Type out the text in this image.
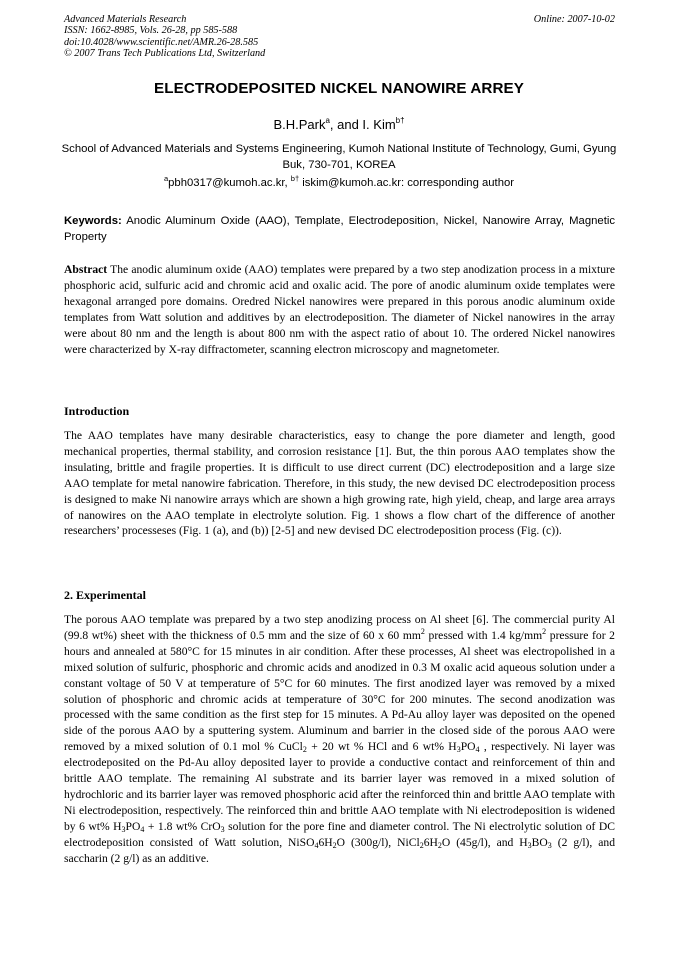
Advanced Materials Research
ISSN: 1662-8985, Vols. 26-28, pp 585-588
doi:10.4028/www.scientific.net/AMR.26-28.585
© 2007 Trans Tech Publications Ltd, Switzerland
Online: 2007-10-02
ELECTRODEPOSITED NICKEL NANOWIRE ARREY
B.H.Park$^a$, and I. Kim$^{b\dagger}$
School of Advanced Materials and Systems Engineering, Kumoh National Institute of Technology, Gumi, Gyung Buk, 730-701, KOREA
$^a$pbh0317@kumoh.ac.kr, $^{b\dagger}$ iskim@kumoh.ac.kr: corresponding author
Keywords: Anodic Aluminum Oxide (AAO), Template, Electrodeposition, Nickel, Nanowire Array, Magnetic Property
Abstract The anodic aluminum oxide (AAO) templates were prepared by a two step anodization process in a mixture phosphoric acid, sulfuric acid and chromic acid and oxalic acid. The pore of anodic aluminum oxide templates were hexagonal arranged pore domains. Oredred Nickel nanowires were prepared in this porous anodic aluminum oxide templates from Watt solution and additives by an electrodeposition. The diameter of Nickel nanowires in the array were about 80 nm and the length is about 800 nm with the aspect ratio of about 10. The ordered Nickel nanowires were characterized by X-ray diffractometer, scanning electron microscopy and magnetometer.
Introduction
The AAO templates have many desirable characteristics, easy to change the pore diameter and length, good mechanical properties, thermal stability, and corrosion resistance [1]. But, the thin porous AAO templates show the insulating, brittle and fragile properties. It is difficult to use direct current (DC) electrodeposition and a large size AAO template for metal nanowire fabrication. Therefore, in this study, the new devised DC electrodeposition process is designed to make Ni nanowire arrays which are shown a high growing rate, high yield, cheap, and large area arrays of nanowires on the AAO template in electrolyte solution. Fig. 1 shows a flow chart of the difference of another researchers’ processeses (Fig. 1 (a), and (b)) [2-5] and new devised DC electrodeposition process (Fig. (c)).
2. Experimental
The porous AAO template was prepared by a two step anodizing process on Al sheet [6]. The commercial purity Al (99.8 wt%) sheet with the thickness of 0.5 mm and the size of 60 x 60 $mm^2$ pressed with 1.4 $kg/mm^2$ pressure for 2 hours and annealed at 580°C for 15 minutes in air condition. After these processes, Al sheet was electropolished in a mixed solution of sulfuric, phosphoric and chromic acids and anodized in 0.3 M oxalic acid aqueous solution under a constant voltage of 50 V at temperature of 5°C for 60 minutes. The first anodized layer was removed by a mixed solution of phosphoric and chromic acids at temperature of 30°C for 200 minutes. The second anodization was processed with the same condition as the first step for 15 minutes. A Pd-Au alloy layer was deposited on the opened side of the porous AAO by a sputtering system. Aluminum and barrier in the closed side of the porous AAO were removed by a mixed solution of 0.1 mol % CuCl$_2$ + 20 wt % HCl and 6 wt% $H_3PO_4$ , respectively. Ni layer was electrodeposited on the Pd-Au alloy deposited layer to provide a conductive contact and reinforcement of thin and brittle AAO template. The remaining Al substrate and its barrier layer was removed in a mixed solution of hydrochloric and its barrier layer was removed phosphoric acid after the reinforced thin and brittle AAO template with Ni electrodeposition, respectively. The reinforced thin and brittle AAO template with Ni electrodeposition is widened by 6 wt% $H_3PO_4 + 1.8$ wt% CrO$_3$ solution for the pore fine and diameter control. The Ni electrolytic solution of DC electrodeposition consisted of Watt solution, $NiSO_46H_2O$ (300g/l), $NiCl_26H_2O$ (45g/l), and $H_3BO_3$ (2 g/l), and saccharin (2 g/l) as an additive.
